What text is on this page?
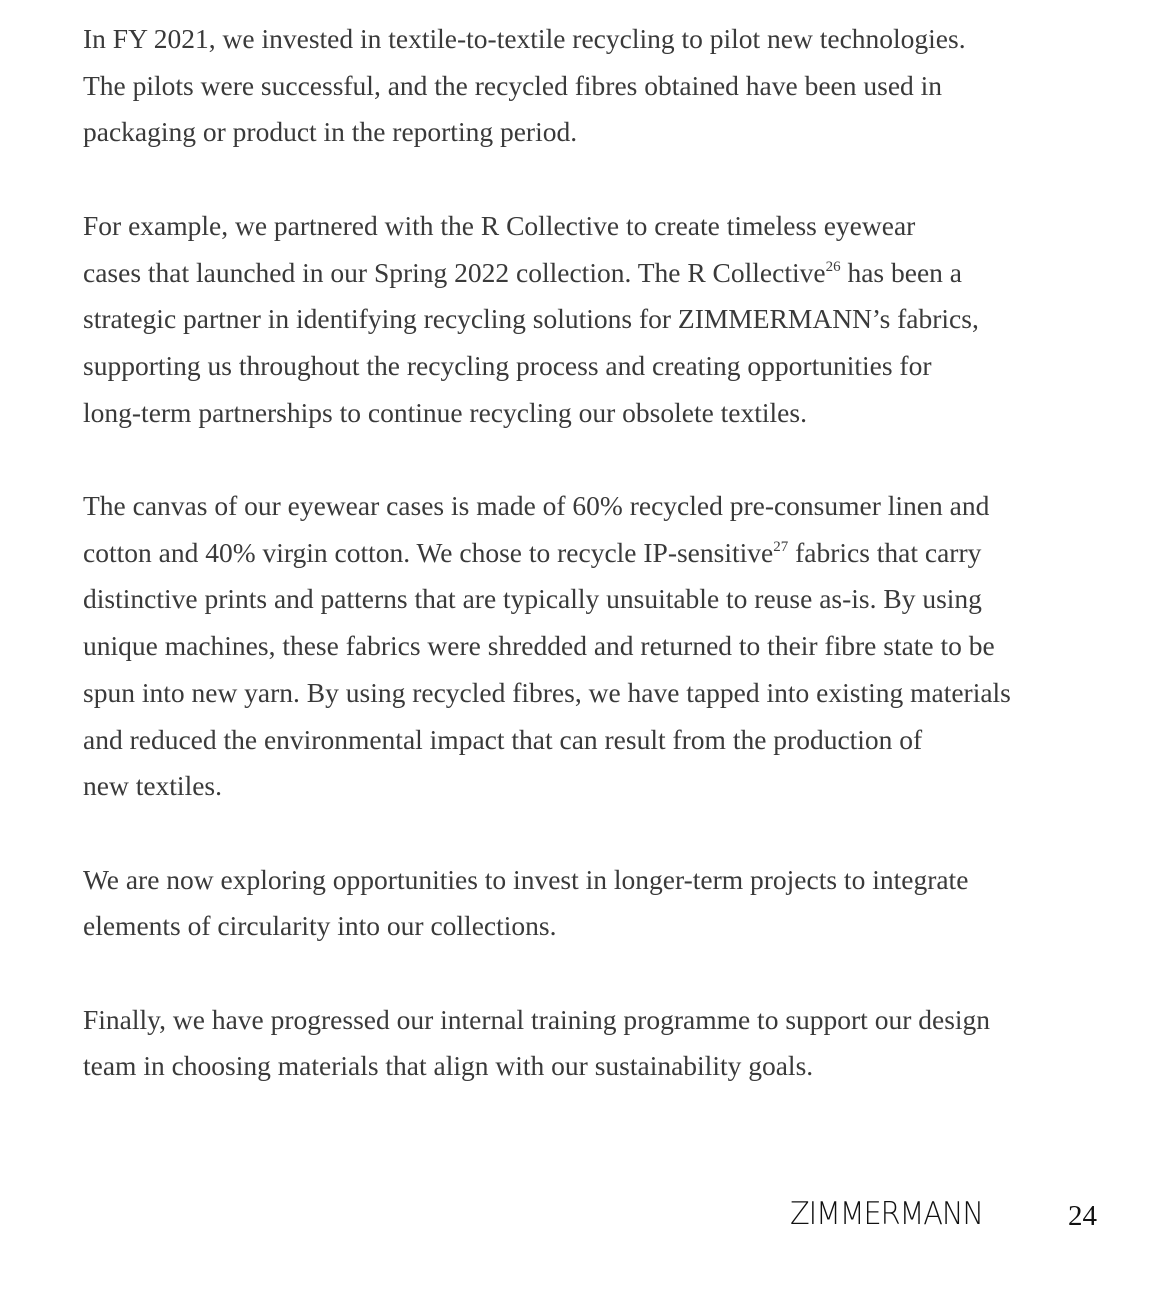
In FY 2021, we invested in textile-to-textile recycling to pilot new technologies.
The pilots were successful, and the recycled fibres obtained have been used in
packaging or product in the reporting period.

For example, we partnered with the R Collective to create timeless eyewear
cases that launched in our Spring 2022 collection. The R Collective$^{26}$ has been a
strategic partner in identifying recycling solutions for ZIMMERMANN’s fabrics,
supporting us throughout the recycling process and creating opportunities for
long-term partnerships to continue recycling our obsolete textiles.

The canvas of our eyewear cases is made of 60% recycled pre-consumer linen and
cotton and 40% virgin cotton. We chose to recycle IP-sensitive$^{27}$ fabrics that carry
distinctive prints and patterns that are typically unsuitable to reuse as-is. By using
unique machines, these fabrics were shredded and returned to their fibre state to be
spun into new yarn. By using recycled fibres, we have tapped into existing materials
and reduced the environmental impact that can result from the production of
new textiles.

We are now exploring opportunities to invest in longer-term projects to integrate
elements of circularity into our collections.

Finally, we have progressed our internal training programme to support our design
team in choosing materials that align with our sustainability goals.

ZIMMERMANN	24
